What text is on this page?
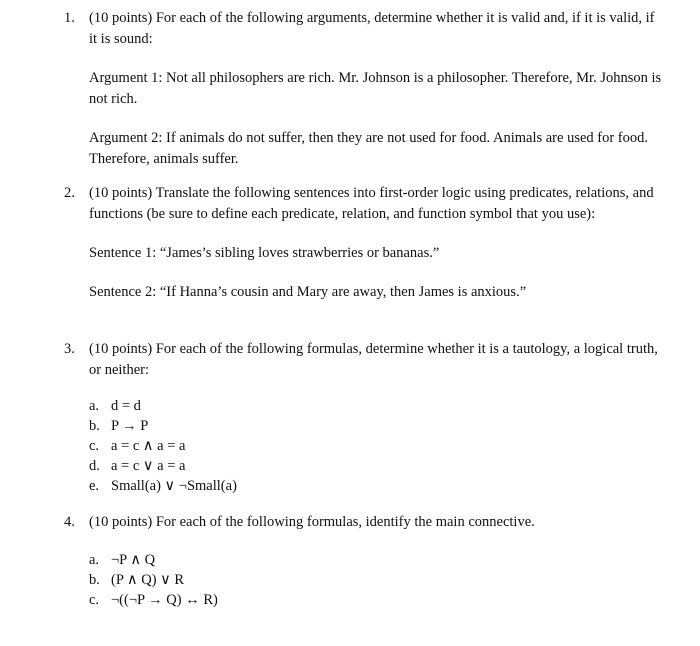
1. (10 points) For each of the following arguments, determine whether it is valid and, if it is valid, if it is sound:

Argument 1: Not all philosophers are rich. Mr. Johnson is a philosopher. Therefore, Mr. Johnson is not rich.

Argument 2: If animals do not suffer, then they are not used for food. Animals are used for food. Therefore, animals suffer.

2. (10 points) Translate the following sentences into first-order logic using predicates, relations, and functions (be sure to define each predicate, relation, and function symbol that you use):

Sentence 1: “James’s sibling loves strawberries or bananas.”

Sentence 2: “If Hanna’s cousin and Mary are away, then James is anxious.”

3. (10 points) For each of the following formulas, determine whether it is a tautology, a logical truth, or neither:

a. d = d
b. P → P
c. a = c ∧ a = a
d. a = c ∨ a = a
e. Small(a) ∨ ¬Small(a)
4. (10 points) For each of the following formulas, identify the main connective.

a. ¬P ∧ Q
b. (P ∧ Q) ∨ R
c. ¬((¬P → Q) ↔ R)
